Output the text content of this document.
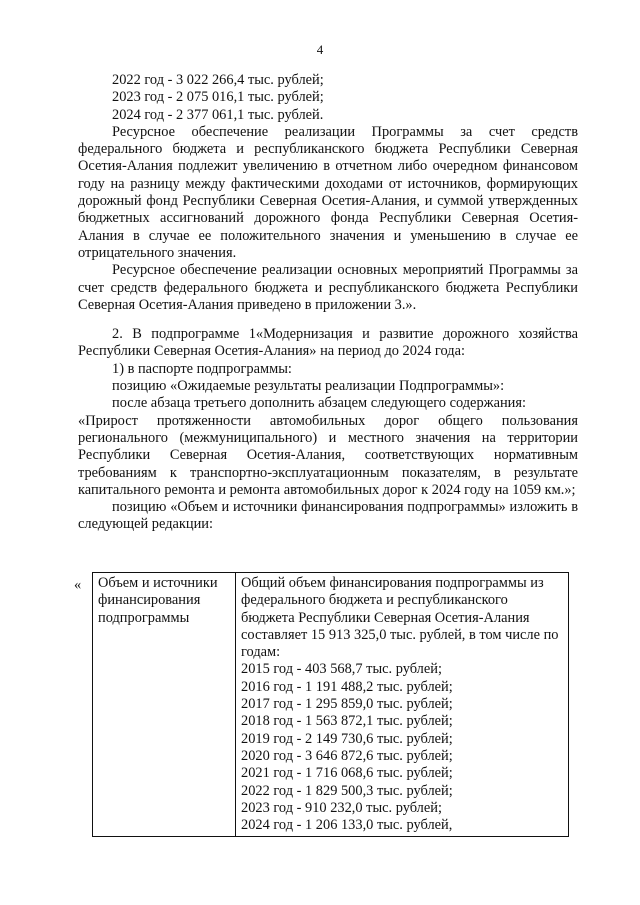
4

2022 год - 3 022 266,4 тыс. рублей;

2023 год - 2 075 016,1 тыс. рублей;

2024 год - 2 377 061,1 тыс. рублей.

Ресурсное обеспечение реализации Программы за счет средств федерального бюджета и республиканского бюджета Республики Северная Осетия-Алания подлежит увеличению в отчетном либо очередном финансовом году на разницу между фактическими доходами от источников, формирующих дорожный фонд Республики Северная Осетия-Алания, и суммой утвержденных бюджетных ассигнований дорожного фонда Республики Северная Осетия-Алания в случае ее положительного значения и уменьшению в случае ее отрицательного значения.

Ресурсное обеспечение реализации основных мероприятий Программы за счет средств федерального бюджета и республиканского бюджета Республики Северная Осетия-Алания приведено в приложении 3.».

2. В подпрограмме 1«Модернизация и развитие дорожного хозяйства Республики Северная Осетия-Алания» на период до 2024 года:

1) в паспорте подпрограммы:

позицию «Ожидаемые результаты реализации Подпрограммы»:

после абзаца третьего дополнить абзацем следующего содержания:

«Прирост протяженности автомобильных дорог общего пользования регионального (межмуниципального) и местного значения на территории Республики Северная Осетия-Алания, соответствующих нормативным требованиям к транспортно-эксплуатационным показателям, в результате капитального ремонта и ремонта автомобильных дорог к 2024 году на 1059 км.»;

позицию «Объем и источники финансирования подпрограммы» изложить в следующей редакции:

« Объем и источники финансирования подпрограммы	Общий объем финансирования подпрограммы из федерального бюджета и республиканского бюджета Республики Северная Осетия-Алания составляет 15 913 325,0 тыс. рублей, в том числе по годам:
2015 год - 403 568,7 тыс. рублей;
2016 год - 1 191 488,2 тыс. рублей;
2017 год - 1 295 859,0 тыс. рублей;
2018 год - 1 563 872,1 тыс. рублей;
2019 год - 2 149 730,6 тыс. рублей;
2020 год - 3 646 872,6 тыс. рублей;
2021 год - 1 716 068,6 тыс. рублей;
2022 год - 1 829 500,3 тыс. рублей;
2023 год - 910 232,0 тыс. рублей;
2024 год - 1 206 133,0 тыс. рублей,
